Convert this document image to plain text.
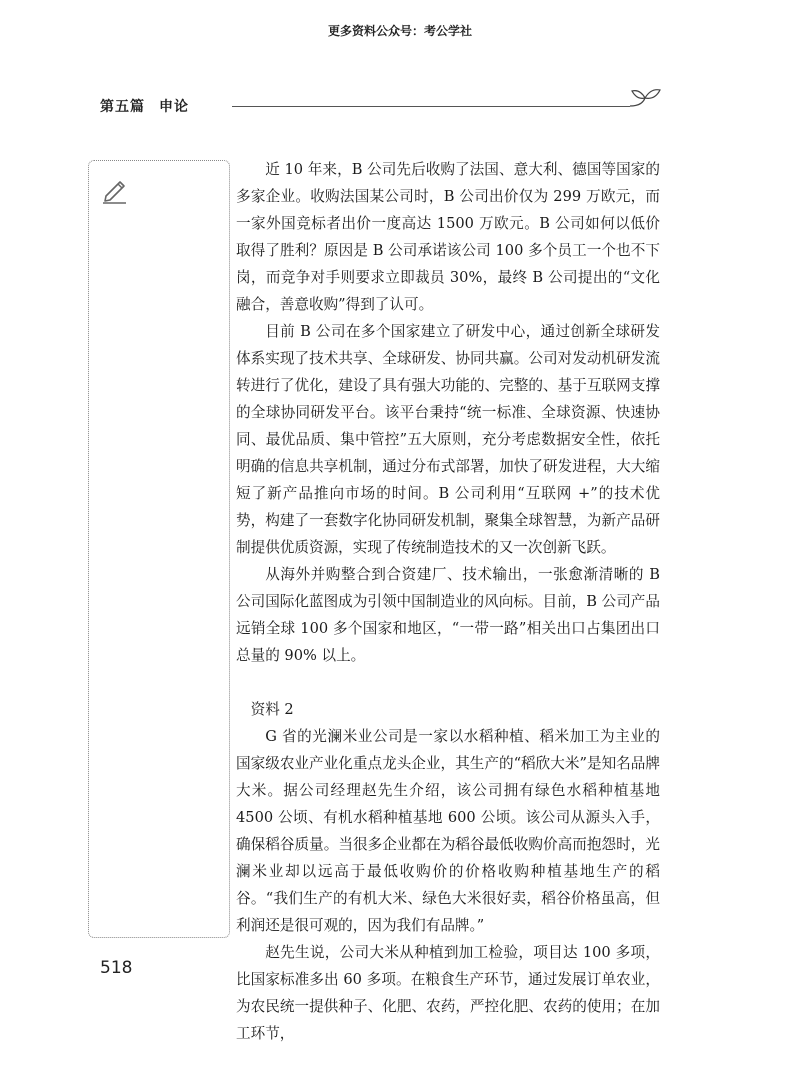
更多资料公众号：考公学社
第五篇 申论

近 10 年来，B 公司先后收购了法国、意大利、德国等国家的多家企业。收购法国某公司时，B 公司出价仅为 299 万欧元，而一家外国竞标者出价一度高达 1500 万欧元。B 公司如何以低价取得了胜利？原因是 B 公司承诺该公司 100 多个员工一个也不下岗，而竞争对手则要求立即裁员 30%，最终 B 公司提出的“文化融合，善意收购”得到了认可。

目前 B 公司在多个国家建立了研发中心，通过创新全球研发体系实现了技术共享、全球研发、协同共赢。公司对发动机研发流转进行了优化，建设了具有强大功能的、完整的、基于互联网支撑的全球协同研发平台。该平台秉持“统一标准、全球资源、快速协同、最优品质、集中管控”五大原则，充分考虑数据安全性，依托明确的信息共享机制，通过分布式部署，加快了研发进程，大大缩短了新产品推向市场的时间。B 公司利用“互联网 +”的技术优势，构建了一套数字化协同研发机制，聚集全球智慧，为新产品研制提供优质资源，实现了传统制造技术的又一次创新飞跃。

从海外并购整合到合资建厂、技术输出，一张愈渐清晰的 B 公司国际化蓝图成为引领中国制造业的风向标。目前，B 公司产品远销全球 100 多个国家和地区，“一带一路”相关出口占集团出口总量的 90% 以上。

资料 2

G 省的光澜米业公司是一家以水稻种植、稻米加工为主业的国家级农业产业化重点龙头企业，其生产的“稻欣大米”是知名品牌大米。据公司经理赵先生介绍，该公司拥有绿色水稻种植基地 4500 公顷、有机水稻种植基地 600 公顷。该公司从源头入手，确保稻谷质量。当很多企业都在为稻谷最低收购价高而抱怨时，光澜米业却以远高于最低收购价的价格收购种植基地生产的稻谷。“我们生产的有机大米、绿色大米很好卖，稻谷价格虽高，但利润还是很可观的，因为我们有品牌。”

赵先生说，公司大米从种植到加工检验，项目达 100 多项，比国家标准多出 60 多项。在粮食生产环节，通过发展订单农业，为农民统一提供种子、化肥、农药，严控化肥、农药的使用；在加工环节，

518
